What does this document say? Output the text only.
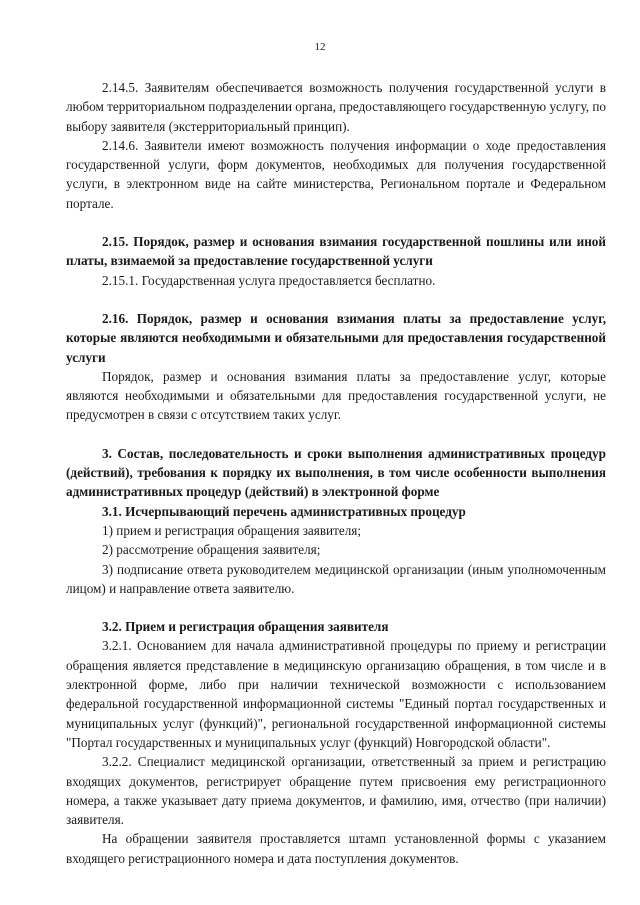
12

2.14.5. Заявителям обеспечивается возможность получения государственной услуги в любом территориальном подразделении органа, предоставляющего государственную услугу, по выбору заявителя (экстерриториальный принцип).

2.14.6. Заявители имеют возможность получения информации о ходе предоставления государственной услуги, форм документов, необходимых для получения государственной услуги, в электронном виде на сайте министерства, Региональном портале и Федеральном портале.

2.15. Порядок, размер и основания взимания государственной пошлины или иной платы, взимаемой за предоставление государственной услуги

2.15.1. Государственная услуга предоставляется бесплатно.

2.16. Порядок, размер и основания взимания платы за предоставление услуг, которые являются необходимыми и обязательными для предоставления государственной услуги

Порядок, размер и основания взимания платы за предоставление услуг, которые являются необходимыми и обязательными для предоставления государственной услуги, не предусмотрен в связи с отсутствием таких услуг.

3. Состав, последовательность и сроки выполнения административных процедур (действий), требования к порядку их выполнения, в том числе особенности выполнения административных процедур (действий) в электронной форме

3.1. Исчерпывающий перечень административных процедур

1) прием и регистрация обращения заявителя;

2) рассмотрение обращения заявителя;

3) подписание ответа руководителем медицинской организации (иным уполномоченным лицом) и направление ответа заявителю.

3.2. Прием и регистрация обращения заявителя

3.2.1. Основанием для начала административной процедуры по приему и регистрации обращения является представление в медицинскую организацию обращения, в том числе и в электронной форме, либо при наличии технической возможности с использованием федеральной государственной информационной системы "Единый портал государственных и муниципальных услуг (функций)", региональной государственной информационной системы "Портал государственных и муниципальных услуг (функций) Новгородской области".

3.2.2. Специалист медицинской организации, ответственный за прием и регистрацию входящих документов, регистрирует обращение путем присвоения ему регистрационного номера, а также указывает дату приема документов, и фамилию, имя, отчество (при наличии) заявителя.

На обращении заявителя проставляется штамп установленной формы с указанием входящего регистрационного номера и дата поступления документов.
